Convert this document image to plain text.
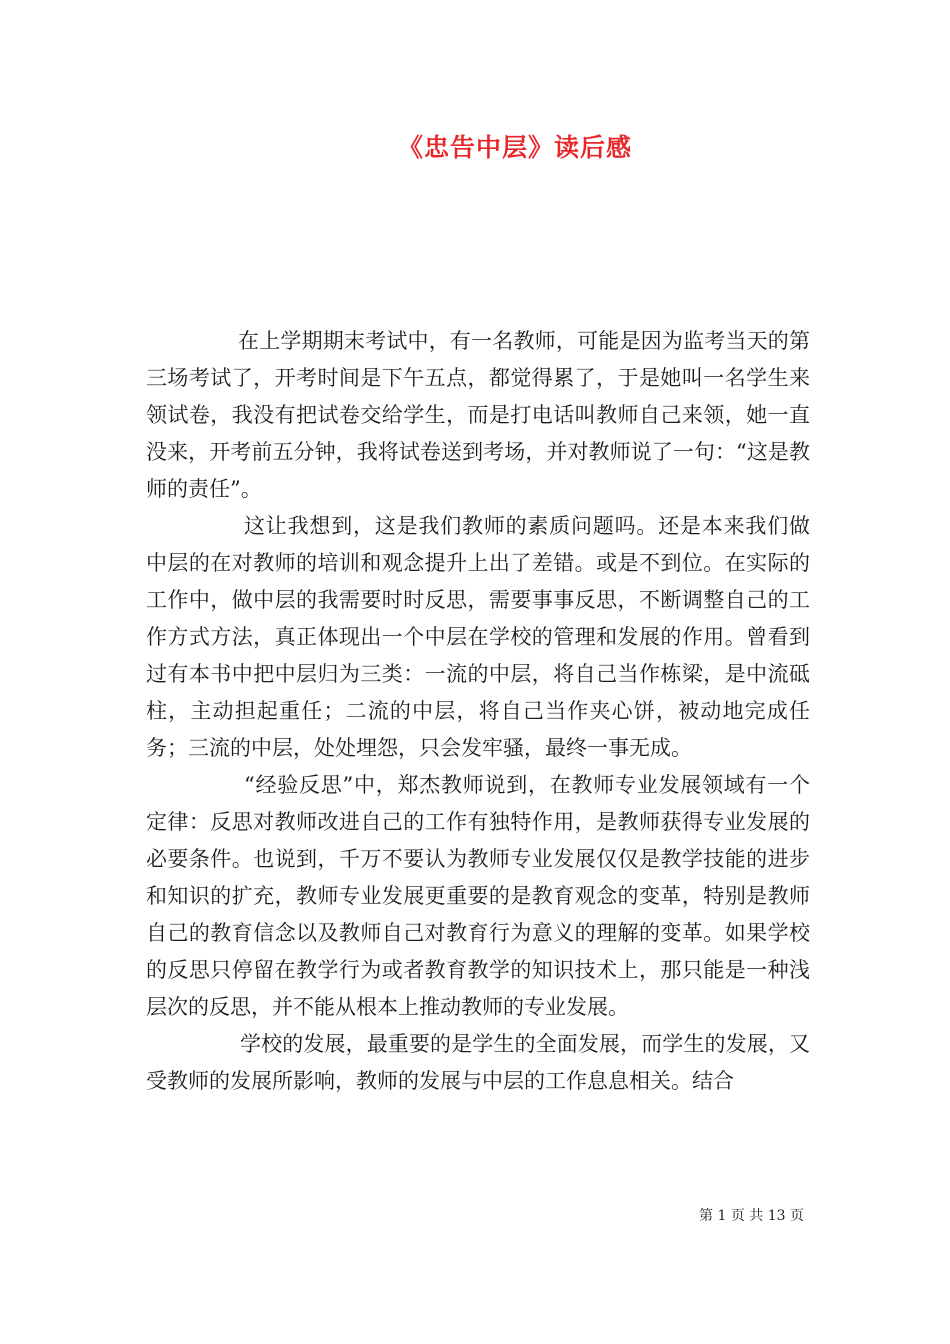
《忠告中层》读后感

在上学期期末考试中，有一名教师，可能是因为监考当天的第三场考试了，开考时间是下午五点，都觉得累了，于是她叫一名学生来领试卷，我没有把试卷交给学生，而是打电话叫教师自己来领，她一直没来，开考前五分钟，我将试卷送到考场，并对教师说了一句：“这是教师的责任”。

这让我想到，这是我们教师的素质问题吗。还是本来我们做中层的在对教师的培训和观念提升上出了差错。或是不到位。在实际的工作中，做中层的我需要时时反思，需要事事反思，不断调整自己的工作方式方法，真正体现出一个中层在学校的管理和发展的作用。曾看到过有本书中把中层归为三类：一流的中层，将自己当作栋梁，是中流砥柱，主动担起重任；二流的中层，将自己当作夹心饼，被动地完成任务；三流的中层，处处埋怨，只会发牢骚，最终一事无成。

“经验反思”中，郑杰教师说到，在教师专业发展领域有一个定律：反思对教师改进自己的工作有独特作用，是教师获得专业发展的必要条件。也说到，千万不要认为教师专业发展仅仅是教学技能的进步和知识的扩充，教师专业发展更重要的是教育观念的变革，特别是教师自己的教育信念以及教师自己对教育行为意义的理解的变革。如果学校的反思只停留在教学行为或者教育教学的知识技术上，那只能是一种浅层次的反思，并不能从根本上推动教师的专业发展。

学校的发展，最重要的是学生的全面发展，而学生的发展，又受教师的发展所影响，教师的发展与中层的工作息息相关。结合

第 1 页 共 13 页
